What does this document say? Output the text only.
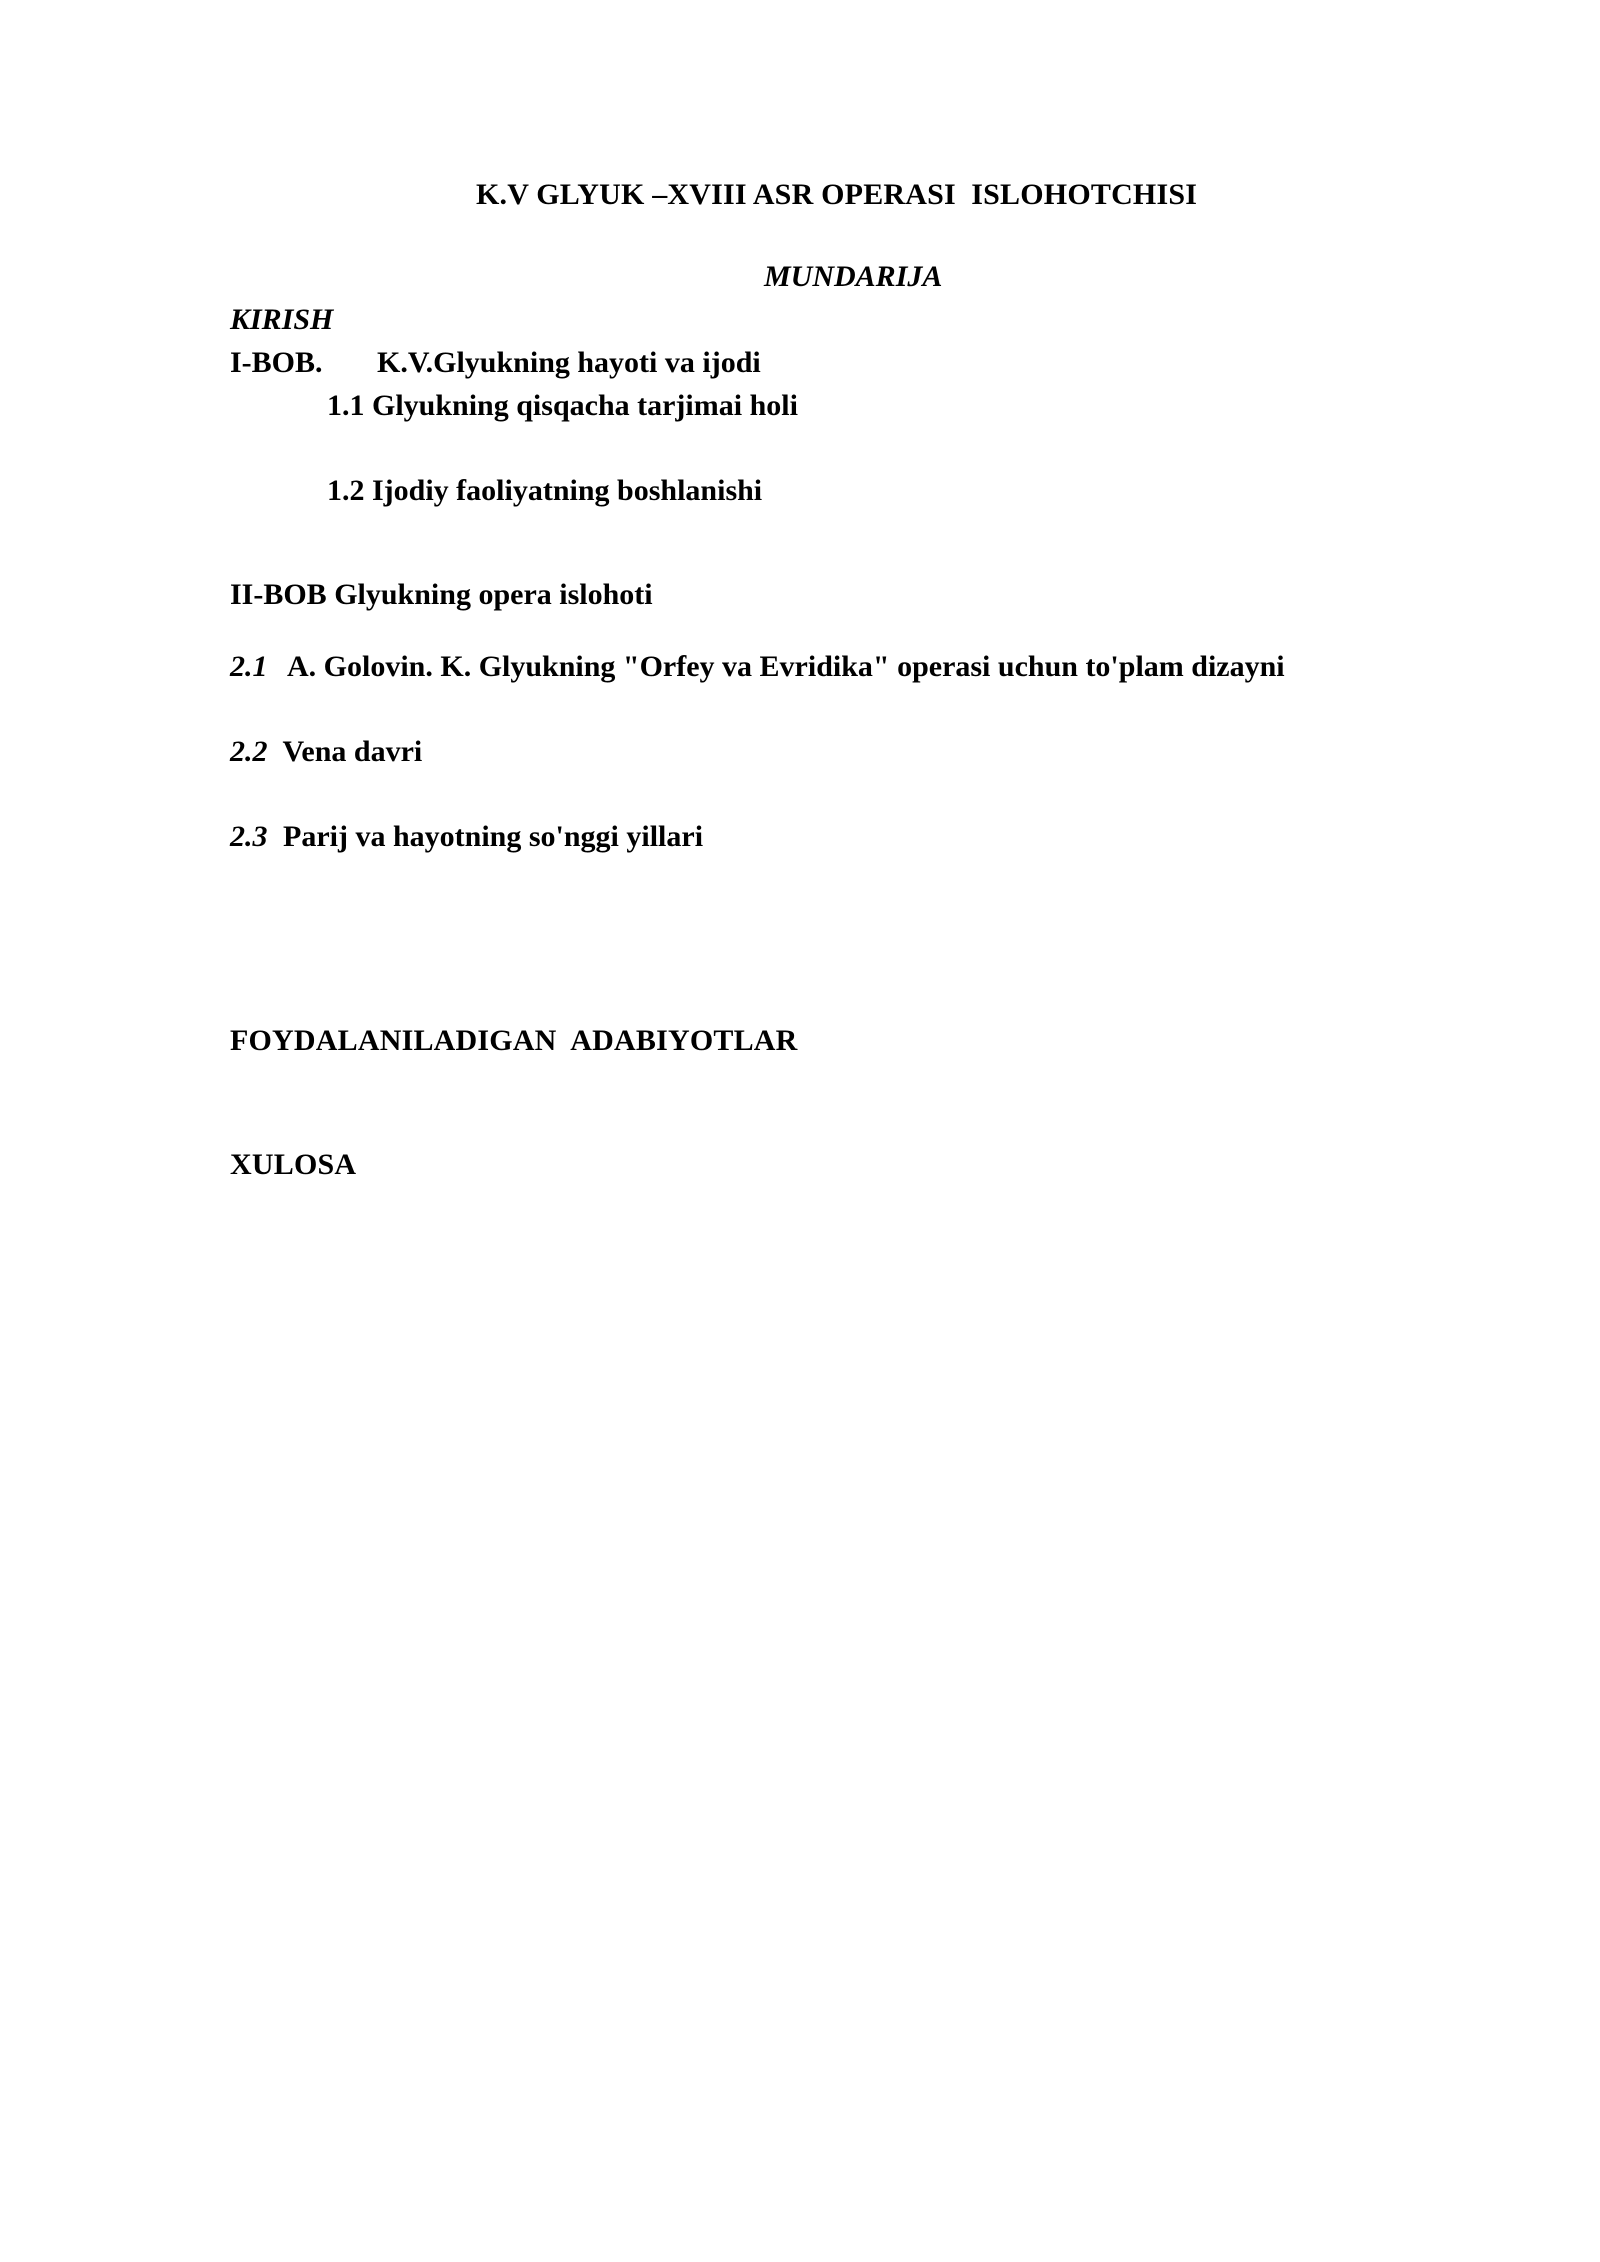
K.V GLYUK –XVIII ASR OPERASI  ISLOHOTCHISI
MUNDARIJA
KIRISH
I-BOB. K.V.Glyukning hayoti va ijodi
1.1 Glyukning qisqacha tarjimai holi
1.2 Ijodiy faoliyatning boshlanishi
II-BOB Glyukning opera islohoti
2.1 A. Golovin. K. Glyukning "Orfey va Evridika" operasi uchun to'plam dizayni
2.2 Vena davri
2.3 Parij va hayotning so'nggi yillari
FOYDALANILADIGAN  ADABIYOTLAR
XULOSA
